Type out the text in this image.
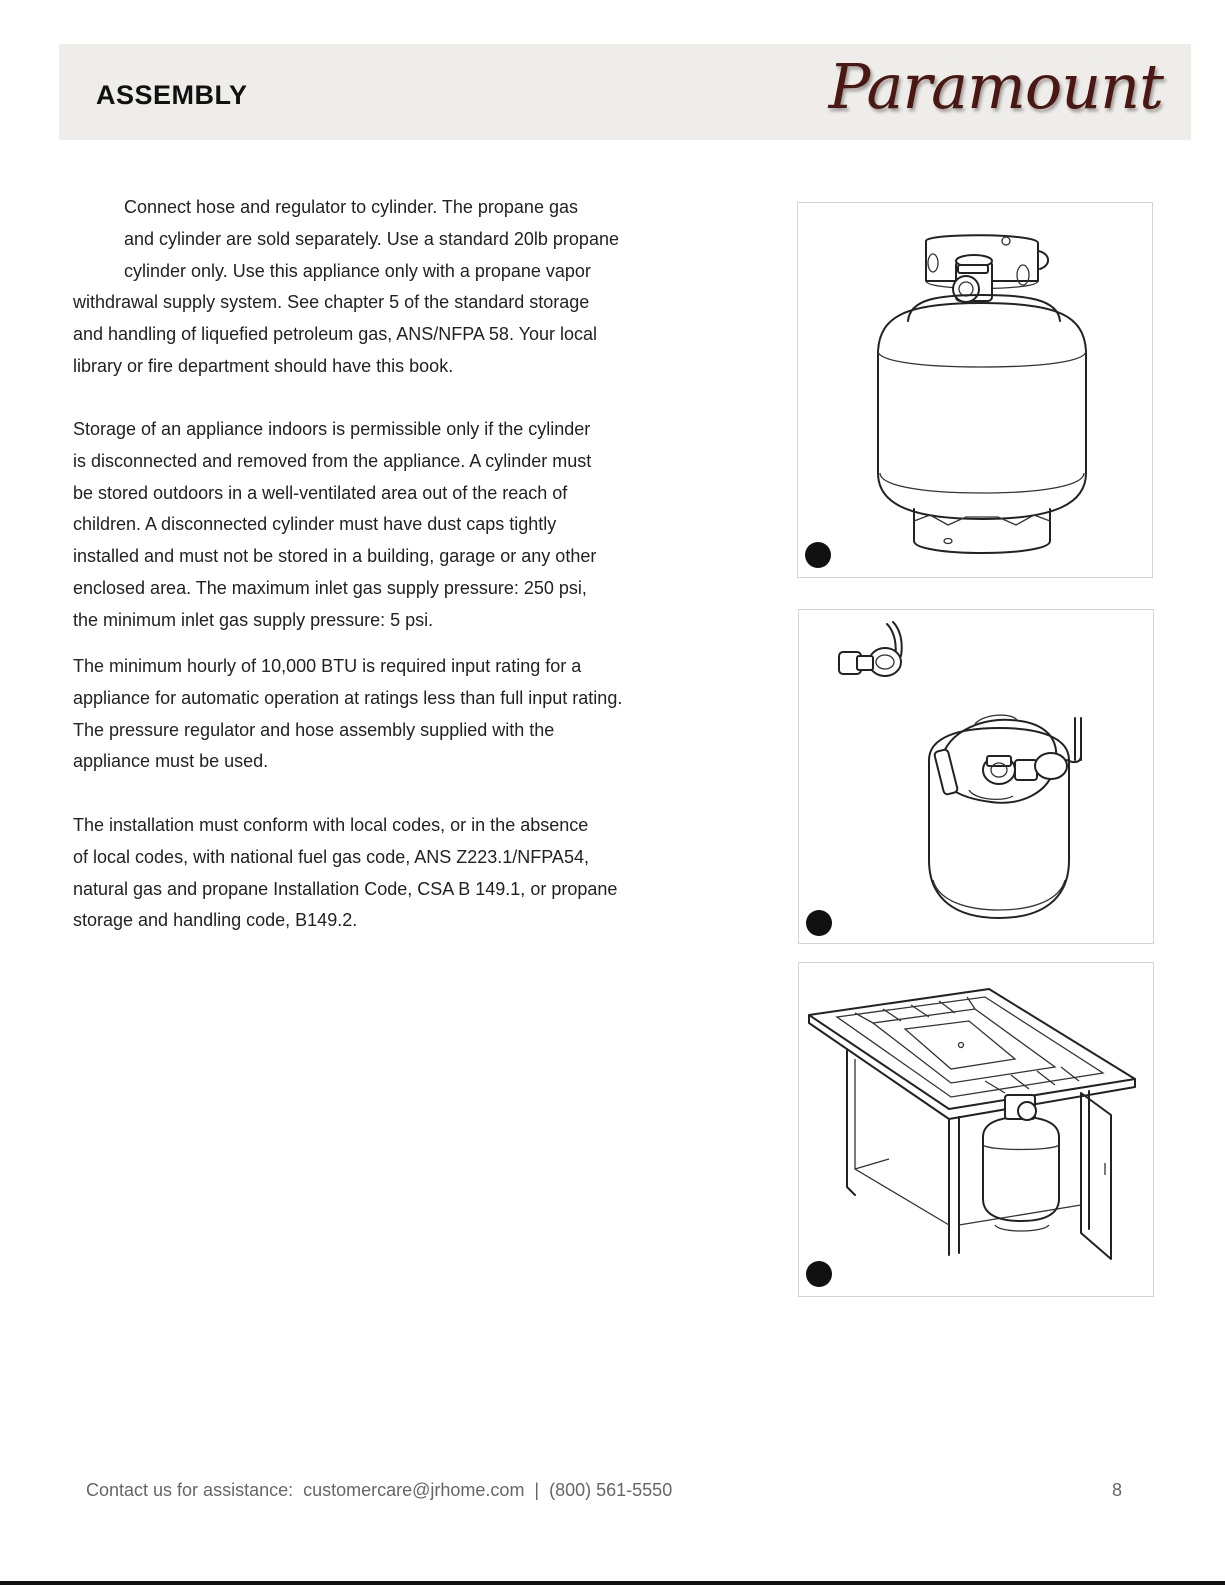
ASSEMBLY	Paramount
Connect hose and regulator to cylinder. The propane gas
and cylinder are sold separately. Use a standard 20lb propane
cylinder only. Use this appliance only with a propane vapor
withdrawal supply system. See chapter 5 of the standard storage
and handling of liquefied petroleum gas, ANS/NFPA 58. Your local
library or fire department should have this book.
Storage of an appliance indoors is permissible only if the cylinder
is disconnected and removed from the appliance. A cylinder must
be stored outdoors in a well-ventilated area out of the reach of
children. A disconnected cylinder must have dust caps tightly
installed and must not be stored in a building, garage or any other
enclosed area. The maximum inlet gas supply pressure: 250 psi,
the minimum inlet gas supply pressure: 5 psi.
The minimum hourly of 10,000 BTU is required input rating for a
appliance for automatic operation at ratings less than full input rating.
The pressure regulator and hose assembly supplied with the
appliance must be used.
The installation must conform with local codes, or in the absence
of local codes, with national fuel gas code, ANS Z223.1/NFPA54,
natural gas and propane Installation Code, CSA B 149.1, or propane
storage and handling code, B149.2.
Contact us for assistance:  customercare@jrhome.com  |  (800) 561-5550	8
